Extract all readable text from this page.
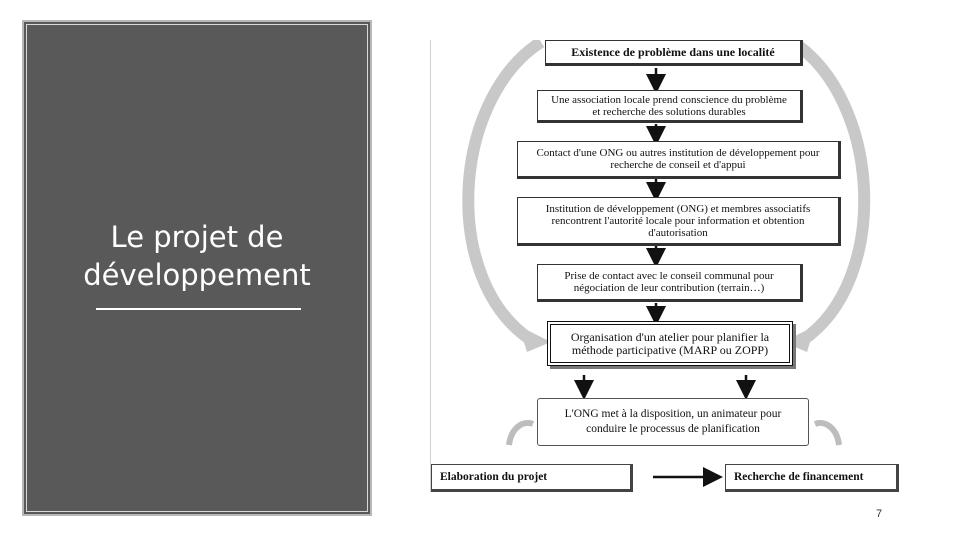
Le projet de
développement
Existence de problème dans une localité
Une association locale prend conscience du problème
et recherche des solutions durables
Contact d'une ONG ou autres institution de développement pour
recherche de conseil et d'appui
Institution de développement (ONG) et membres associatifs
rencontrent l'autorité locale pour information et obtention
d'autorisation
Prise de contact avec le conseil communal pour
négociation de leur contribution (terrain…)
Organisation d'un atelier pour planifier la
méthode participative (MARP ou ZOPP)
L'ONG met à la disposition, un animateur pour
conduire le processus de planification
Elaboration du projet	Recherche de financement
7
